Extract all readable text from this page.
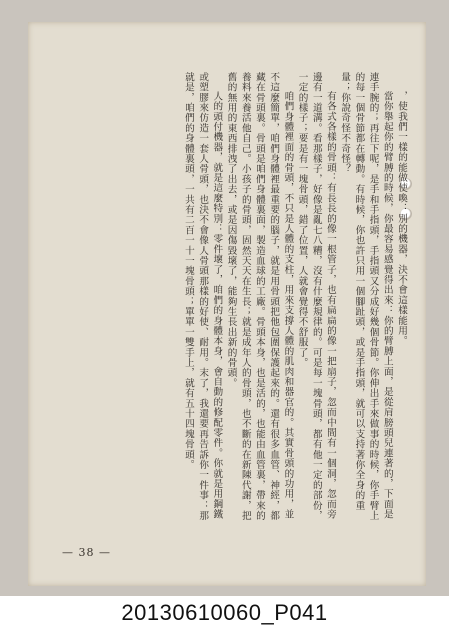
，使我們一樣的能做使喚：別的機器，決不會這樣能用。

當你舉起你的臂膊的時候，你最容易感覺得出來：你的臂膊上面，是從肩膀頭兒連著的，下面是連手腕的；再往下呢，是手和手指頭，手指頭又分成好幾個骨節。你伸出手來做事的時候，你手臂上的每一個骨節都在轉動。有時候，你也許只用一個腳趾頭，或是手指頭，就可以支持著你全身的重量；你說奇怪不奇怪？

有各式各樣的骨頭：有長長的像一根管子，也有扁扁的像一把扇子，忽而中間有一個洞，忽而旁邊有一道溝。看那樣子，好像是亂七八糟，沒有什麼規律的。可是每一塊骨頭，都有他一定的部份，一定的樣子；要是有一塊骨頭，錯了位置，人就會覺得不舒服了。

咱們身體裡面的骨頭，不只是人體的支柱，用來支撐人體的肌肉和器官的。其實骨頭的功用，並不這麼簡單，咱們身體裡最重要的腦子，就是用骨頭把他包圍保護起來的。還有很多血管、神經，都藏在骨頭裏。骨頭是咱們身體裏面，製造血球的工廠。骨頭本身，也是活的，也能由血管裏，帶來的養料來養活他自己。小孩子的骨頭，固然天天在生長；就是成年人的骨頭，也不斷的在新陳代謝，把舊的無用的東西排洩了出去，或是因傷毀壞了，能夠生長出新的骨頭。

人的頭付機器，就是這麼特別：零件壞了，咱們的身體本身，會自動的修配零件。你就是用鋼鐵或塑膠來仿造一套人骨頭，也決不會像人骨頭那樣的好使、耐用。末了，我還要再告訴你一件事：那就是，咱們的身體裏頭，一共有二百一十一塊骨頭；單單一雙手上，就有五十四塊骨頭。

— 38 —
20130610060_P041
